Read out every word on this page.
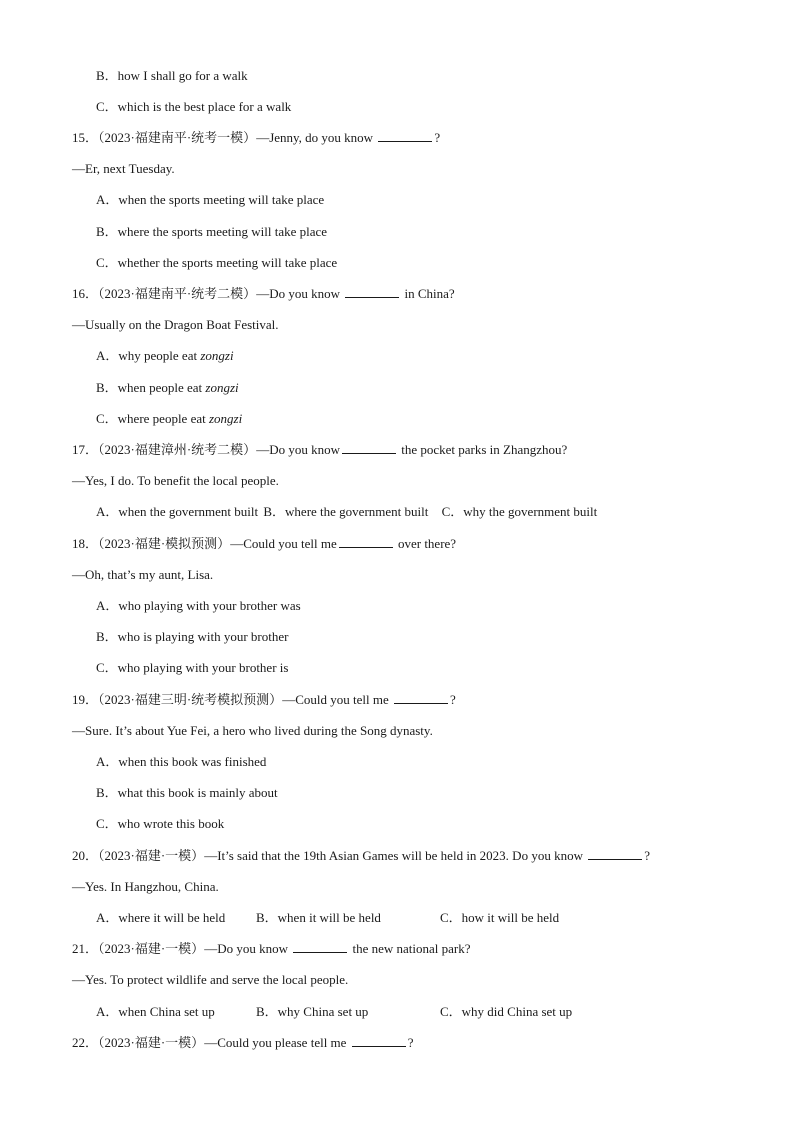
B．how I shall go for a walk
C．which is the best place for a walk
15．（2023·福建南平·统考一模）—Jenny, do you know	?
—Er, next Tuesday.
A．when the sports meeting will take place
B．where the sports meeting will take place
C．whether the sports meeting will take place
16．（2023·福建南平·统考二模）—Do you know	in China?
—Usually on the Dragon Boat Festival.
A．why people eat zongzi
B．when people eat zongzi
C．where people eat zongzi
17．（2023·福建漳州·统考二模）—Do you know	the pocket parks in Zhangzhou?
—Yes, I do. To benefit the local people.
A．when the government built B．where the government built C．why the government built
18．（2023·福建·模拟预测）—Could you tell me	over there?
—Oh, that’s my aunt, Lisa.
A．who playing with your brother was
B．who is playing with your brother
C．who playing with your brother is
19．（2023·福建三明·统考模拟预测）—Could you tell me	?
—Sure. It’s about Yue Fei, a hero who lived during the Song dynasty.
A．when this book was finished
B．what this book is mainly about
C．who wrote this book
20．（2023·福建·一模）—It’s said that the 19th Asian Games will be held in 2023. Do you know	?
—Yes. In Hangzhou, China.
A．where it will be held B．when it will be held	C．how it will be held
21．（2023·福建·一模）—Do you know	the new national park?
—Yes. To protect wildlife and serve the local people.
A．when China set up	B．why China set up	C．why did China set up
22．（2023·福建·一模）—Could you please tell me	?
